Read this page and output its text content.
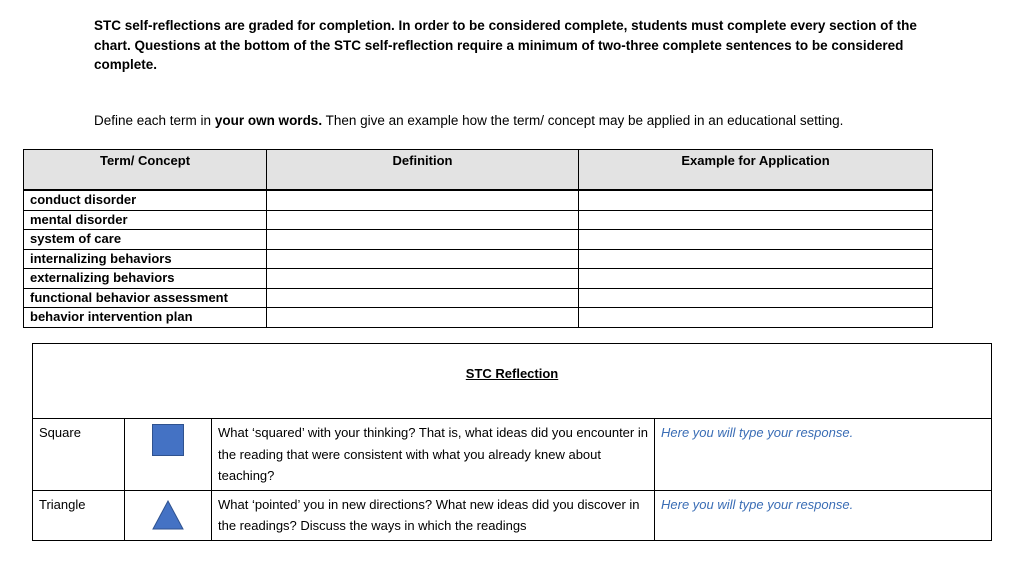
STC self-reflections are graded for completion. In order to be considered complete, students must complete every section of the chart. Questions at the bottom of the STC self-reflection require a minimum of two-three complete sentences to be considered complete.
Define each term in your own words. Then give an example how the term/ concept may be applied in an educational setting.
Term/ Concept	Definition	Example for Application
conduct disorder		
mental disorder		
system of care		
internalizing behaviors		
externalizing behaviors		
functional behavior assessment		
behavior intervention plan		
STC Reflection			
Square		What ‘squared’ with your thinking? That is, what ideas did you encounter in the reading that were consistent with what you already knew about teaching?	Here you will type your response.
Triangle		What ‘pointed’ you in new directions? What new ideas did you discover in the readings? Discuss the ways in which the readings	Here you will type your response.
